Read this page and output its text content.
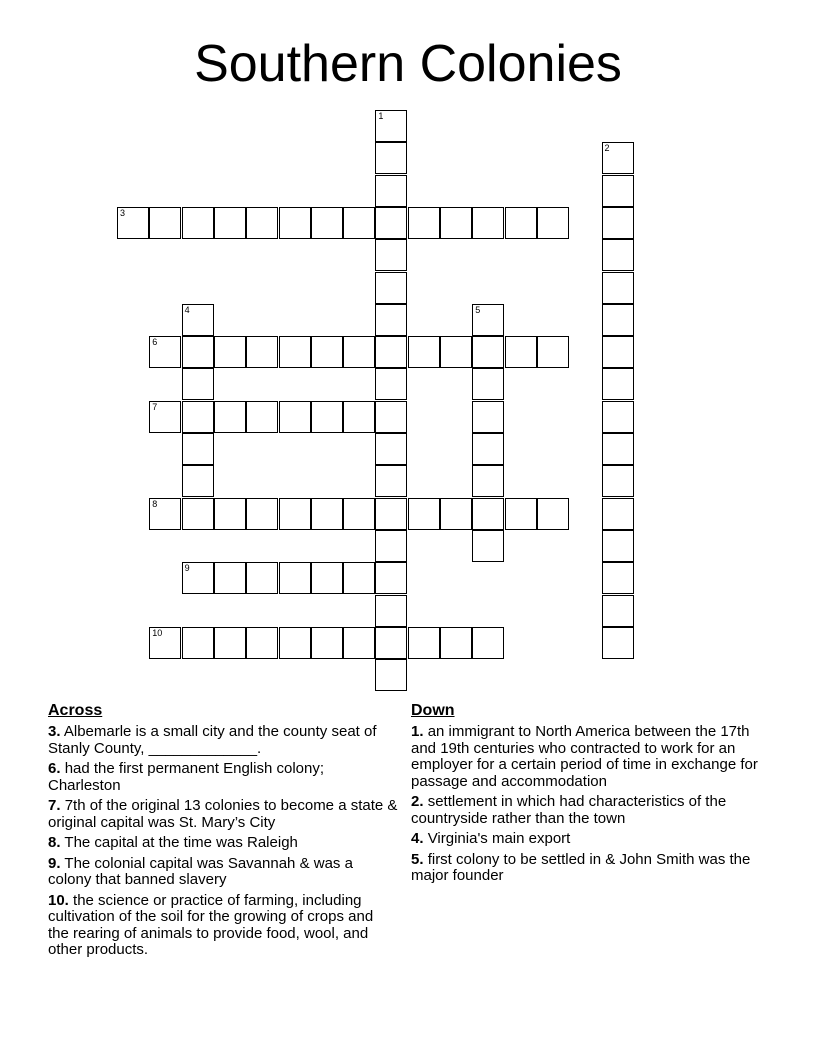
Southern Colonies
1
2
3
4	5
6
7
8
9
10
Across
3. Albemarle is a small city and the county seat of Stanly County, _____________.
6. had the first permanent English colony; Charleston
7. 7th of the original 13 colonies to become a state & original capital was St. Mary’s City
8. The capital at the time was Raleigh
9. The colonial capital was Savannah & was a colony that banned slavery
10. the science or practice of farming, including cultivation of the soil for the growing of crops and the rearing of animals to provide food, wool, and other products.
Down
1. an immigrant to North America between the 17th and 19th centuries who contracted to work for an employer for a certain period of time in exchange for passage and accommodation
2. settlement in which had characteristics of the countryside rather than the town
4. Virginia's main export
5. first colony to be settled in & John Smith was the major founder
